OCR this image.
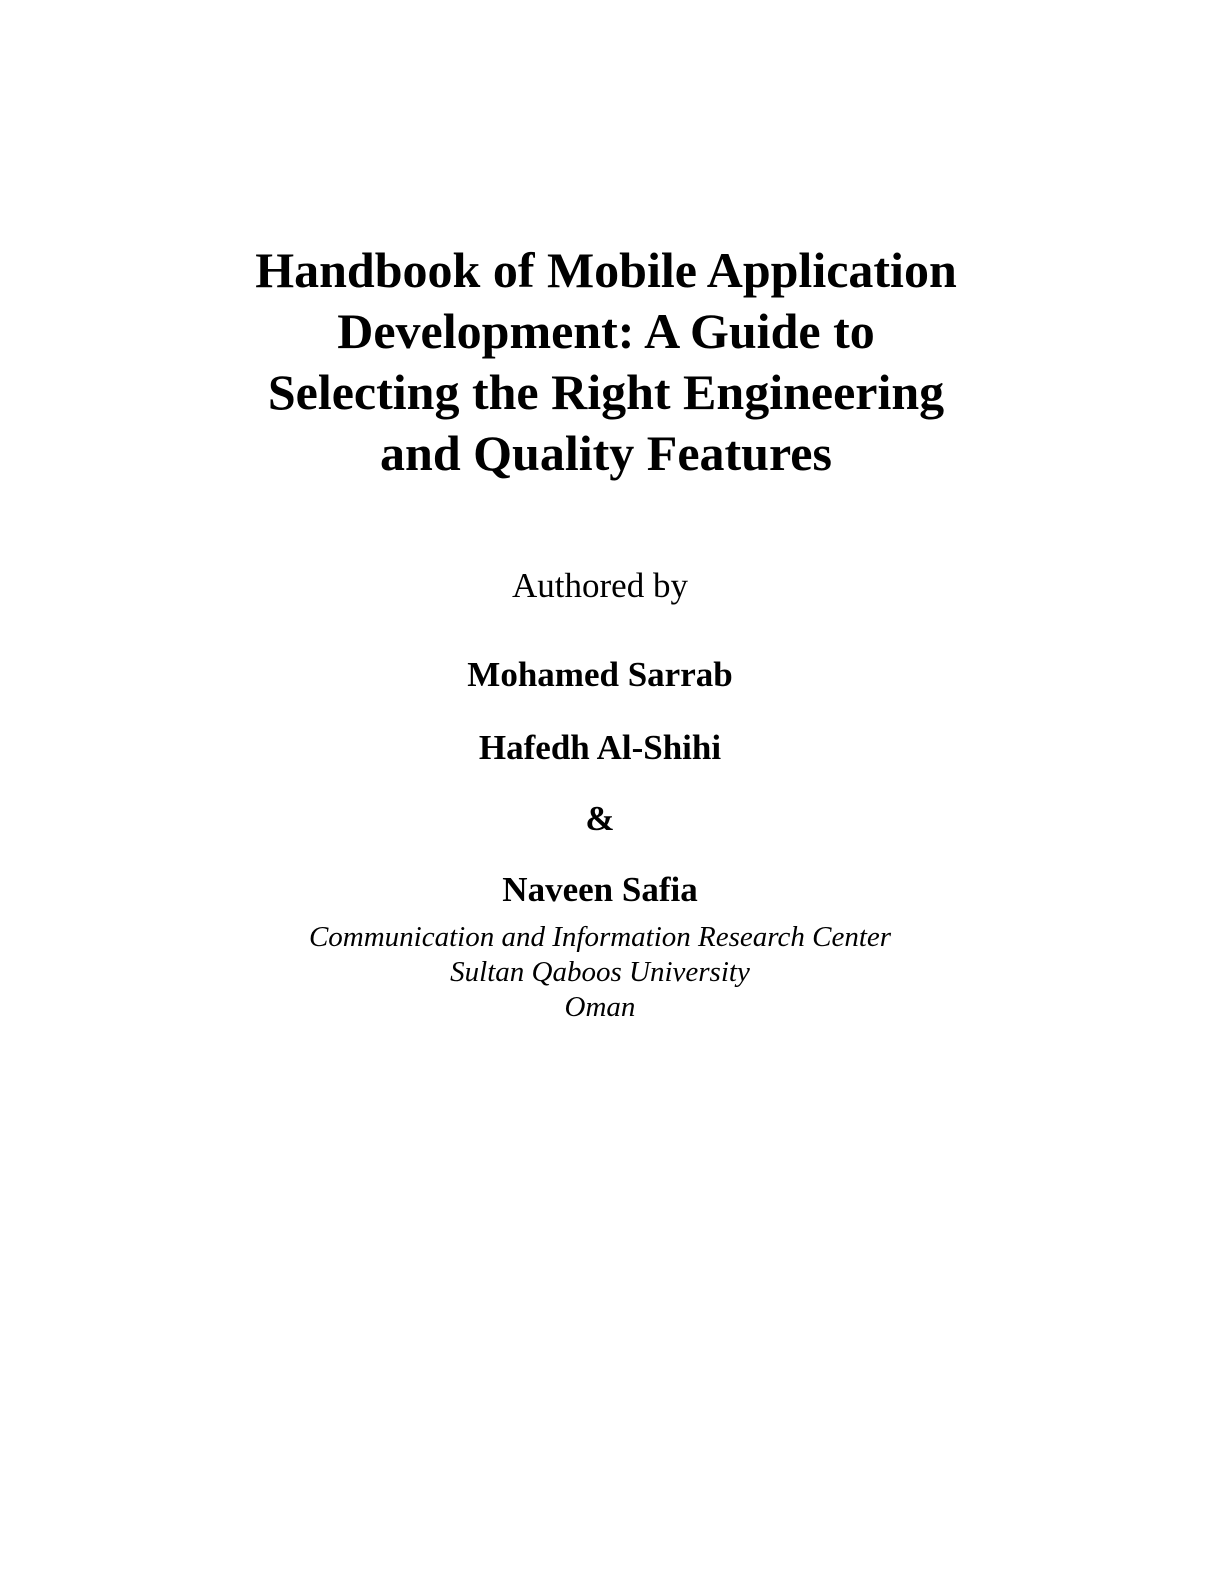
Handbook of Mobile Application
Development: A Guide to
Selecting the Right Engineering
and Quality Features
Authored by
Mohamed Sarrab
Hafedh Al-Shihi
&
Naveen Safia
Communication and Information Research Center
Sultan Qaboos University
Oman
